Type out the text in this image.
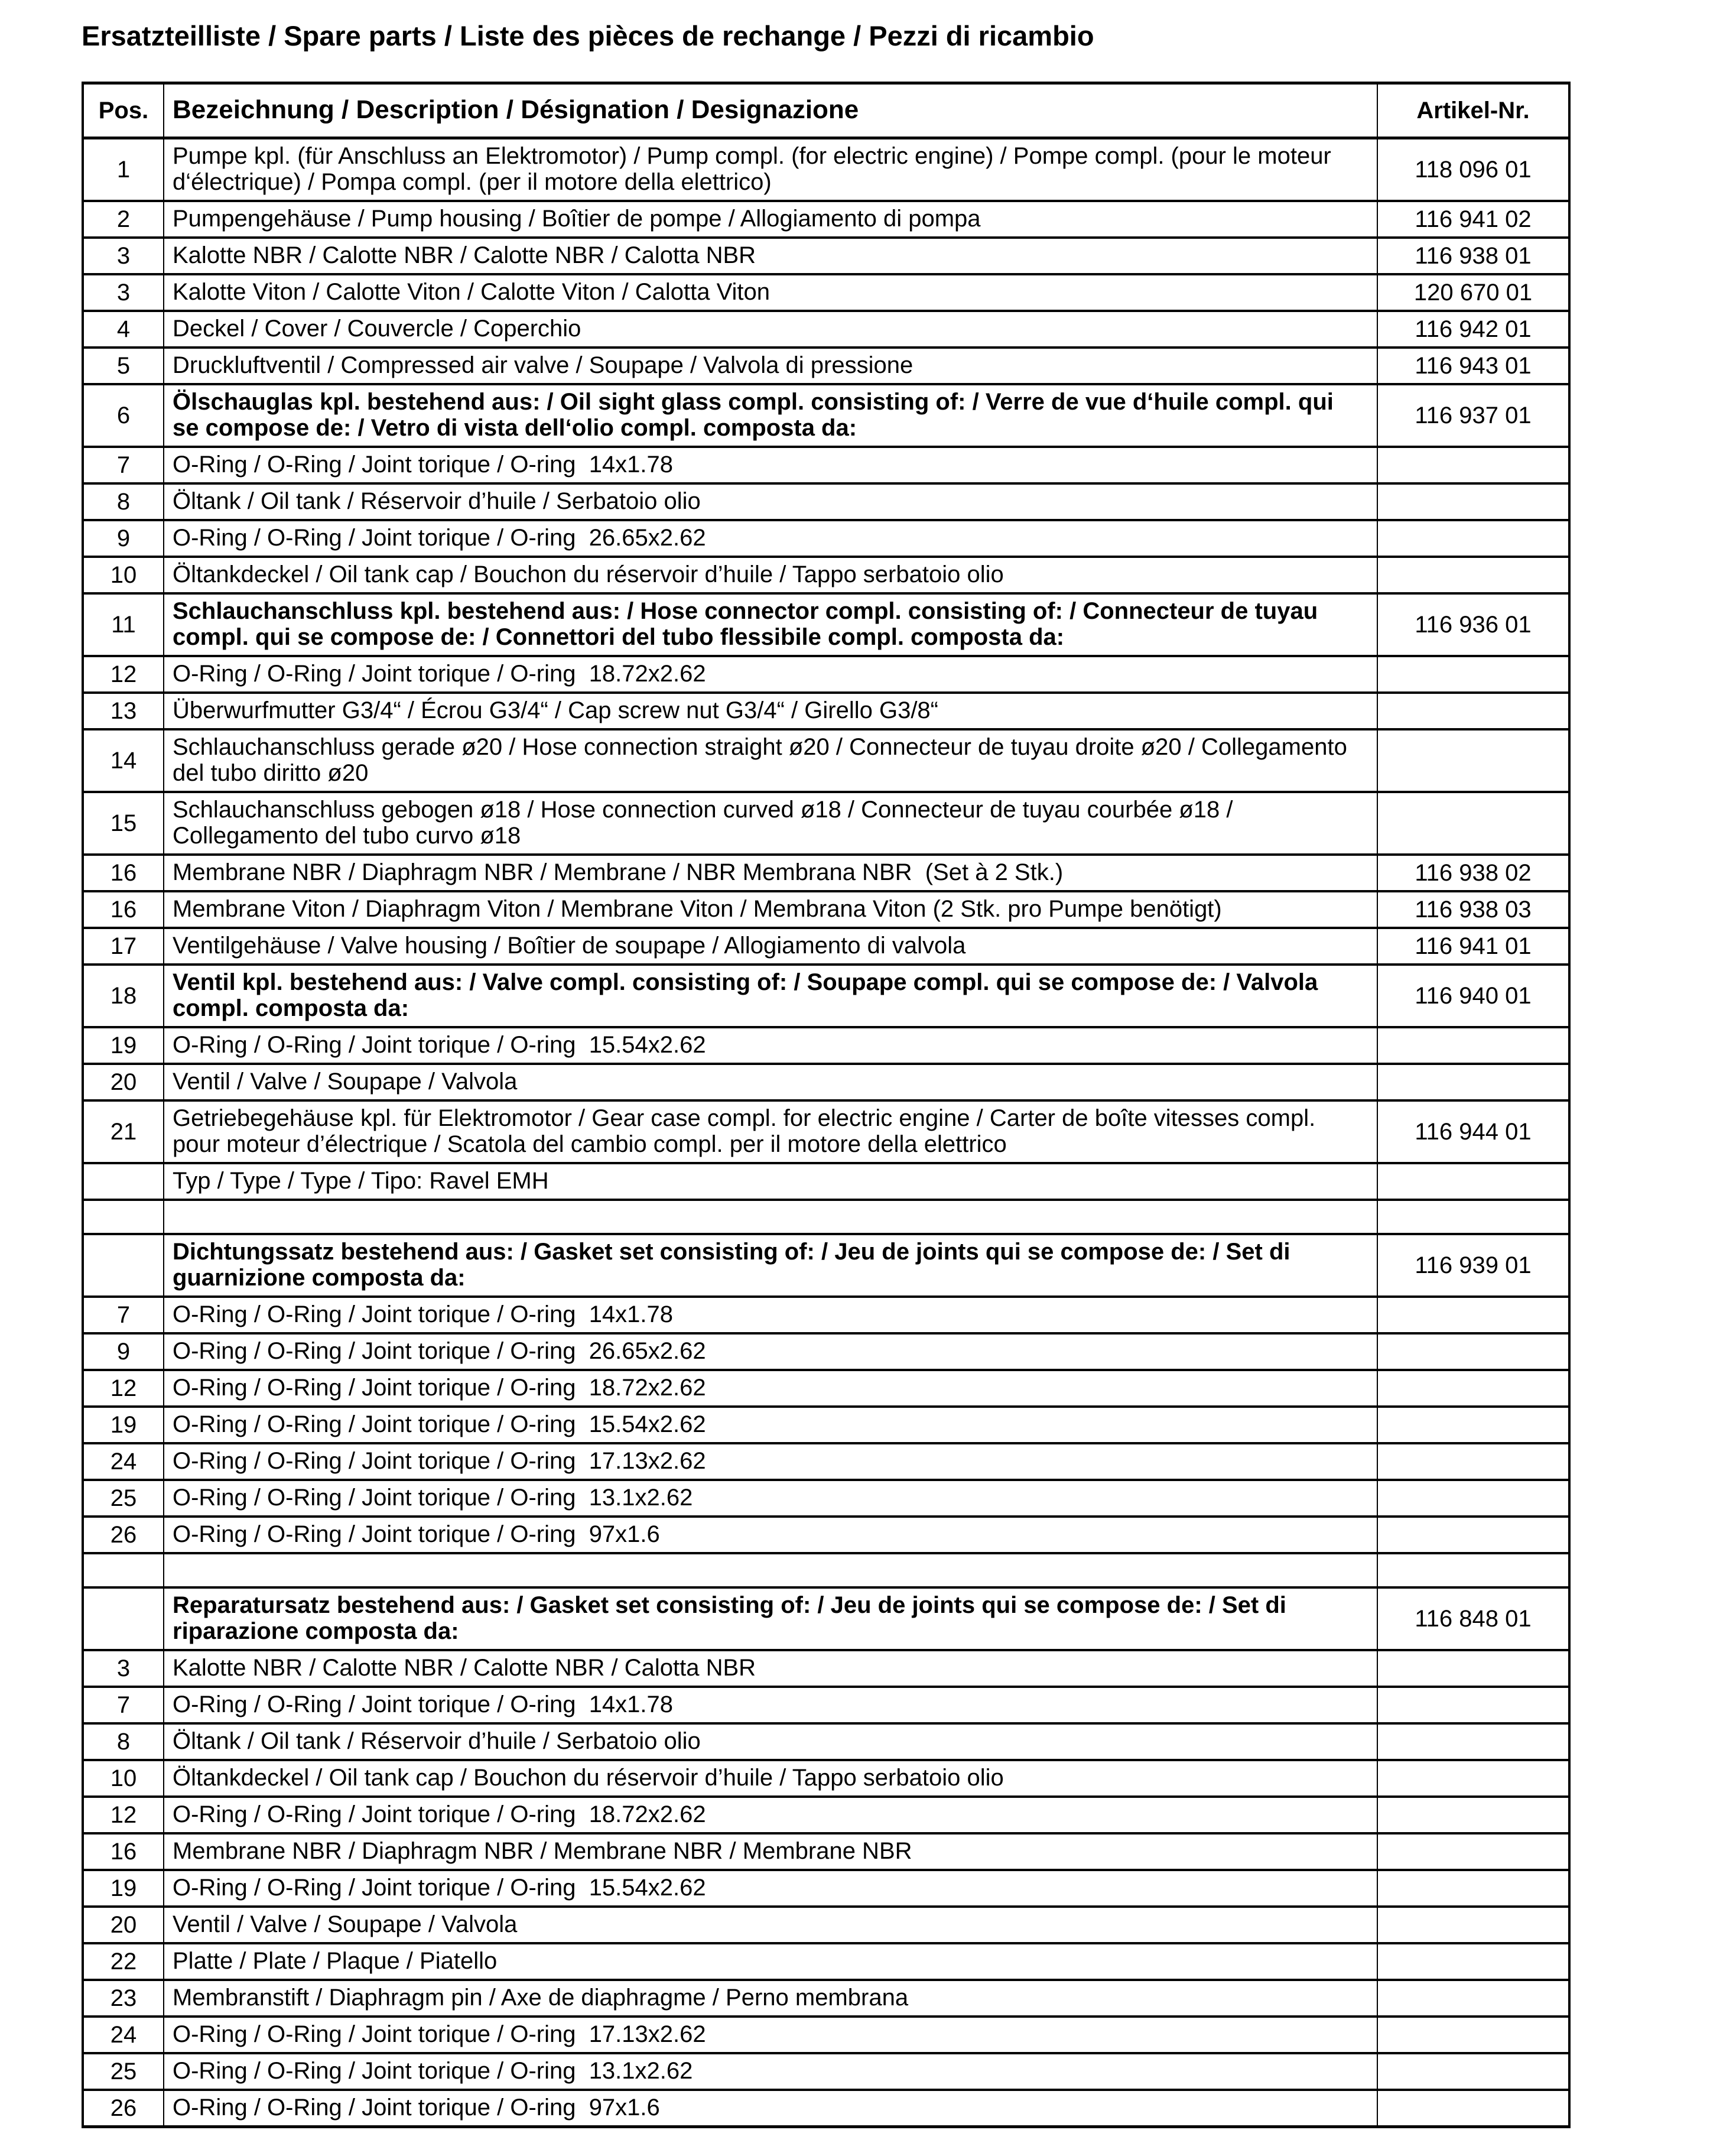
Ersatzteilliste / Spare parts / Liste des pièces de rechange / Pezzi di ricambio
Pos.	Bezeichnung / Description / Désignation / Designazione	Artikel-Nr.
1	Pumpe kpl. (für Anschluss an Elektromotor) / Pump compl. (for electric engine) / Pompe compl. (pour le moteur d‘électrique) / Pompa compl. (per il motore della elettrico)	118 096 01
2	Pumpengehäuse / Pump housing / Boîtier de pompe / Allogiamento di pompa	116 941 02
3	Kalotte NBR / Calotte NBR / Calotte NBR / Calotta NBR	116 938 01
3	Kalotte Viton / Calotte Viton / Calotte Viton / Calotta Viton	120 670 01
4	Deckel / Cover / Couvercle / Coperchio	116 942 01
5	Druckluftventil / Compressed air valve / Soupape / Valvola di pressione	116 943 01
6	Ölschauglas kpl. bestehend aus: / Oil sight glass compl. consisting of: / Verre de vue d‘huile compl. qui se compose de: / Vetro di vista dell‘olio compl. composta da:	116 937 01
7	O-Ring / O-Ring / Joint torique / O-ring  14x1.78	
8	Öltank / Oil tank / Réservoir d’huile / Serbatoio olio	
9	O-Ring / O-Ring / Joint torique / O-ring  26.65x2.62	
10	Öltankdeckel / Oil tank cap / Bouchon du réservoir d’huile / Tappo serbatoio olio	
11	Schlauchanschluss kpl. bestehend aus: / Hose connector compl. consisting of: / Connecteur de tuyau compl. qui se compose de: / Connettori del tubo flessibile compl. composta da:	116 936 01
12	O-Ring / O-Ring / Joint torique / O-ring  18.72x2.62	
13	Überwurfmutter G3/4“ / Écrou G3/4“ / Cap screw nut G3/4“ / Girello G3/8“	
14	Schlauchanschluss gerade ø20 / Hose connection straight ø20 / Connecteur de tuyau droite ø20 / Collegamento del tubo diritto ø20	
15	Schlauchanschluss gebogen ø18 / Hose connection curved ø18 / Connecteur de tuyau courbée ø18 / Collegamento del tubo curvo ø18	
16	Membrane NBR / Diaphragm NBR / Membrane / NBR Membrana NBR  (Set à 2 Stk.)	116 938 02
16	Membrane Viton / Diaphragm Viton / Membrane Viton / Membrana Viton (2 Stk. pro Pumpe benötigt)	116 938 03
17	Ventilgehäuse / Valve housing / Boîtier de soupape / Allogiamento di valvola	116 941 01
18	Ventil kpl. bestehend aus: / Valve compl. consisting of: / Soupape compl. qui se compose de: / Valvola compl. composta da:	116 940 01
19	O-Ring / O-Ring / Joint torique / O-ring  15.54x2.62	
20	Ventil / Valve / Soupape / Valvola	
21	Getriebegehäuse kpl. für Elektromotor / Gear case compl. for electric engine / Carter de boîte vitesses compl. pour moteur d’électrique / Scatola del cambio compl. per il motore della elettrico	116 944 01
	Typ / Type / Type / Tipo: Ravel EMH	

	Dichtungssatz bestehend aus: / Gasket set consisting of: / Jeu de joints qui se compose de: / Set di guarnizione composta da:	116 939 01
7	O-Ring / O-Ring / Joint torique / O-ring  14x1.78	
9	O-Ring / O-Ring / Joint torique / O-ring  26.65x2.62	
12	O-Ring / O-Ring / Joint torique / O-ring  18.72x2.62	
19	O-Ring / O-Ring / Joint torique / O-ring  15.54x2.62	
24	O-Ring / O-Ring / Joint torique / O-ring  17.13x2.62	
25	O-Ring / O-Ring / Joint torique / O-ring  13.1x2.62	
26	O-Ring / O-Ring / Joint torique / O-ring  97x1.6	

	Reparatursatz bestehend aus: / Gasket set consisting of: / Jeu de joints qui se compose de: / Set di riparazione composta da:	116 848 01
3	Kalotte NBR / Calotte NBR / Calotte NBR / Calotta NBR	
7	O-Ring / O-Ring / Joint torique / O-ring  14x1.78	
8	Öltank / Oil tank / Réservoir d’huile / Serbatoio olio	
10	Öltankdeckel / Oil tank cap / Bouchon du réservoir d’huile / Tappo serbatoio olio	
12	O-Ring / O-Ring / Joint torique / O-ring  18.72x2.62	
16	Membrane NBR / Diaphragm NBR / Membrane NBR / Membrane NBR	
19	O-Ring / O-Ring / Joint torique / O-ring  15.54x2.62	
20	Ventil / Valve / Soupape / Valvola	
22	Platte / Plate / Plaque / Piatello	
23	Membranstift / Diaphragm pin / Axe de diaphragme / Perno membrana	
24	O-Ring / O-Ring / Joint torique / O-ring  17.13x2.62	
25	O-Ring / O-Ring / Joint torique / O-ring  13.1x2.62	
26	O-Ring / O-Ring / Joint torique / O-ring  97x1.6	
